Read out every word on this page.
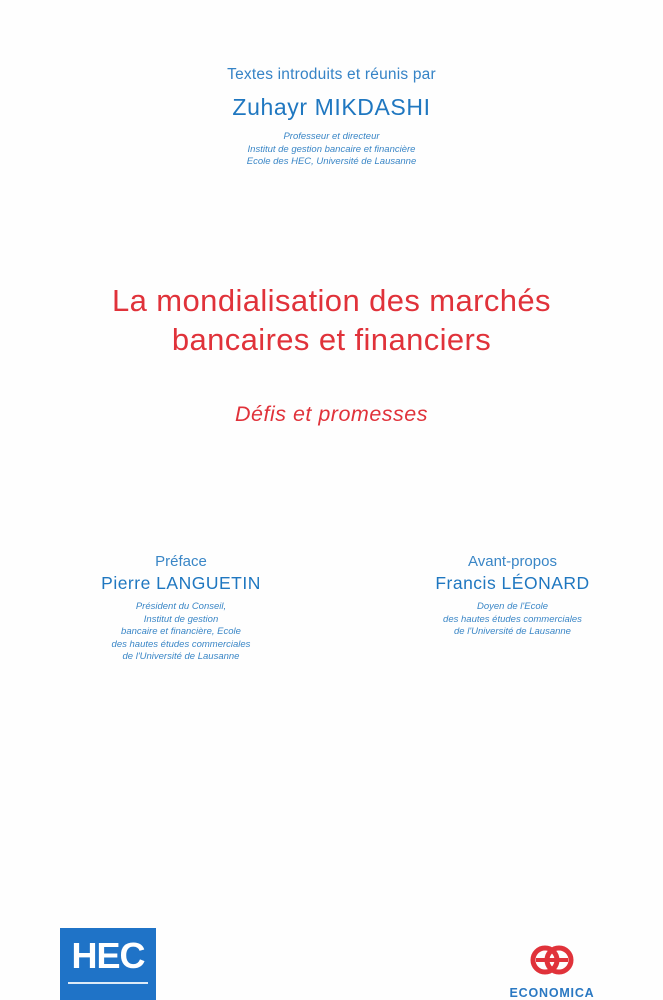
Textes introduits et réunis par
Zuhayr MIKDASHI
Professeur et directeur
Institut de gestion bancaire et financière
Ecole des HEC, Université de Lausanne
La mondialisation des marchés
bancaires et financiers
Défis et promesses
Préface
Pierre LANGUETIN
Président du Conseil,
Institut de gestion
bancaire et financière, Ecole
des hautes études commerciales
de l'Université de Lausanne
Avant-propos
Francis LÉONARD
Doyen de l'Ecole
des hautes études commerciales
de l'Université de Lausanne
HEC
ECONOMICA
